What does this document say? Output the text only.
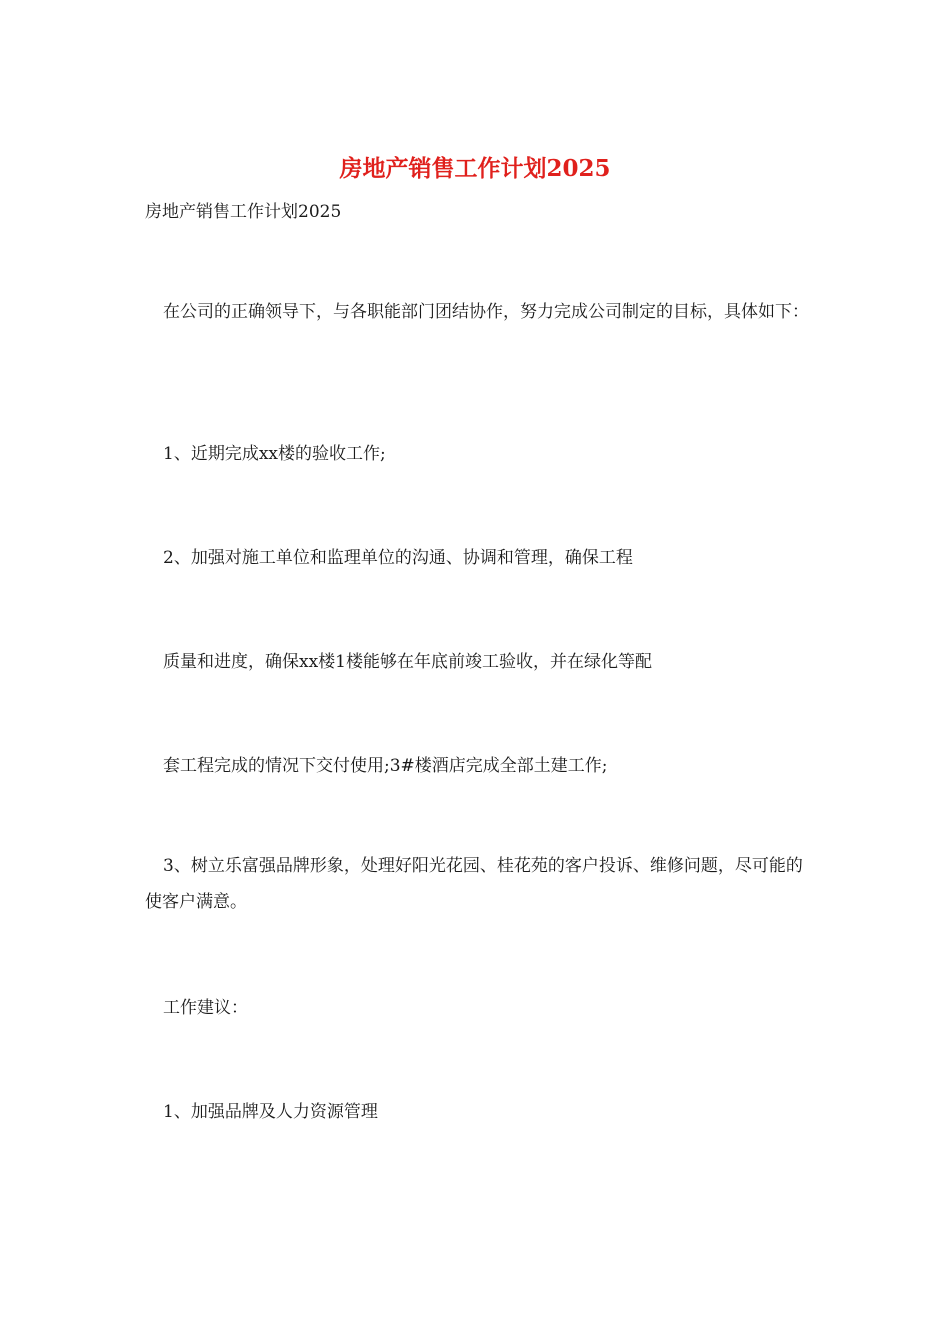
房地产销售工作计划2025
房地产销售工作计划2025
在公司的正确领导下，与各职能部门团结协作，努力完成公司制定的目标，具体如下：
1、近期完成xx楼的验收工作;
2、加强对施工单位和监理单位的沟通、协调和管理，确保工程
质量和进度，确保xx楼1楼能够在年底前竣工验收，并在绿化等配
套工程完成的情况下交付使用;3#楼酒店完成全部土建工作;
3、树立乐富强品牌形象，处理好阳光花园、桂花苑的客户投诉、维修问题，尽可能的使客户满意。
工作建议：
1、加强品牌及人力资源管理
